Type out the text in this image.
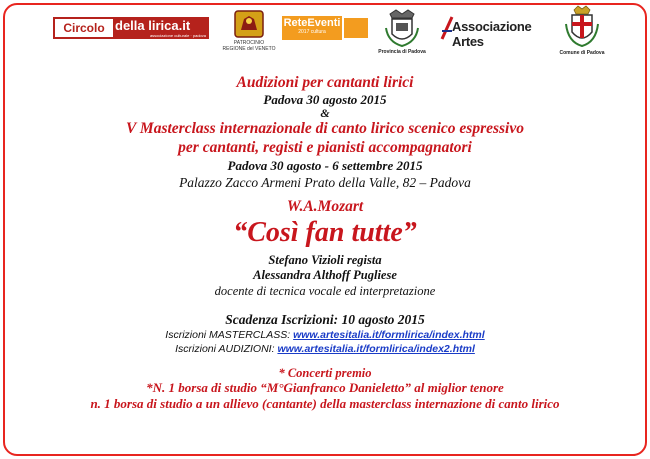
Circolo della lirica.it
associazione culturale · padova
PATROCINIO
REGIONE del VENETO
ReteEventi
2017 cultura
Provincia di Padova
Associazione Artes
Comune di Padova
Audizioni per cantanti lirici
Padova 30 agosto 2015
&
V Masterclass internazionale di canto lirico scenico espressivo
per cantanti, registi e pianisti accompagnatori
Padova 30 agosto - 6 settembre 2015
Palazzo Zacco Armeni Prato della Valle, 82 – Padova
W.A.Mozart
“Così fan tutte”
Stefano Vizioli regista
Alessandra Althoff Pugliese
docente di tecnica vocale ed interpretazione
Scadenza Iscrizioni: 10 agosto 2015
Iscrizioni MASTERCLASS: www.artesitalia.it/formlirica/index.html
Iscrizioni AUDIZIONI: www.artesitalia.it/formlirica/index2.html
* Concerti premio
*N. 1 borsa di studio “M°Gianfranco Danieletto” al miglior tenore
n. 1 borsa di studio a un allievo (cantante) della masterclass internazione di canto lirico
